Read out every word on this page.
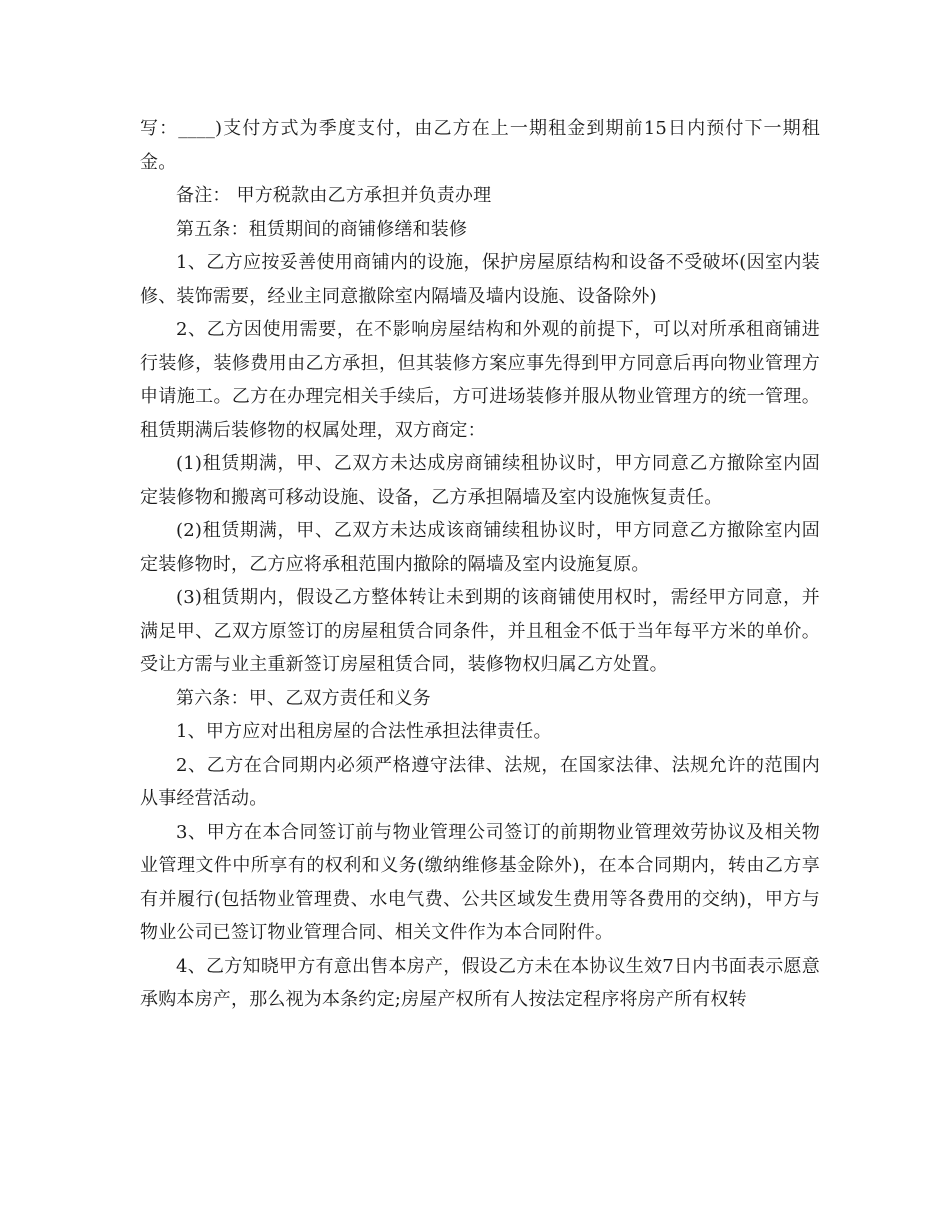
写：____)支付方式为季度支付，由乙方在上一期租金到期前15日内预付下一期租金。

备注： 甲方税款由乙方承担并负责办理

第五条：租赁期间的商铺修缮和装修

1、乙方应按妥善使用商铺内的设施，保护房屋原结构和设备不受破坏(因室内装修、装饰需要，经业主同意撤除室内隔墙及墙内设施、设备除外)

2、乙方因使用需要，在不影响房屋结构和外观的前提下，可以对所承租商铺进行装修，装修费用由乙方承担，但其装修方案应事先得到甲方同意后再向物业管理方申请施工。乙方在办理完相关手续后，方可进场装修并服从物业管理方的统一管理。租赁期满后装修物的权属处理，双方商定：

(1)租赁期满，甲、乙双方未达成房商铺续租协议时，甲方同意乙方撤除室内固定装修物和搬离可移动设施、设备，乙方承担隔墙及室内设施恢复责任。

(2)租赁期满，甲、乙双方未达成该商铺续租协议时，甲方同意乙方撤除室内固定装修物时，乙方应将承租范围内撤除的隔墙及室内设施复原。

(3)租赁期内，假设乙方整体转让未到期的该商铺使用权时，需经甲方同意，并满足甲、乙双方原签订的房屋租赁合同条件，并且租金不低于当年每平方米的单价。受让方需与业主重新签订房屋租赁合同，装修物权归属乙方处置。

第六条：甲、乙双方责任和义务

1、甲方应对出租房屋的合法性承担法律责任。

2、乙方在合同期内必须严格遵守法律、法规，在国家法律、法规允许的范围内从事经营活动。

3、甲方在本合同签订前与物业管理公司签订的前期物业管理效劳协议及相关物业管理文件中所享有的权利和义务(缴纳维修基金除外)，在本合同期内，转由乙方享有并履行(包括物业管理费、水电气费、公共区域发生费用等各费用的交纳)，甲方与物业公司已签订物业管理合同、相关文件作为本合同附件。

4、乙方知晓甲方有意出售本房产，假设乙方未在本协议生效7日内书面表示愿意承购本房产，那么视为本条约定;房屋产权所有人按法定程序将房产所有权转
